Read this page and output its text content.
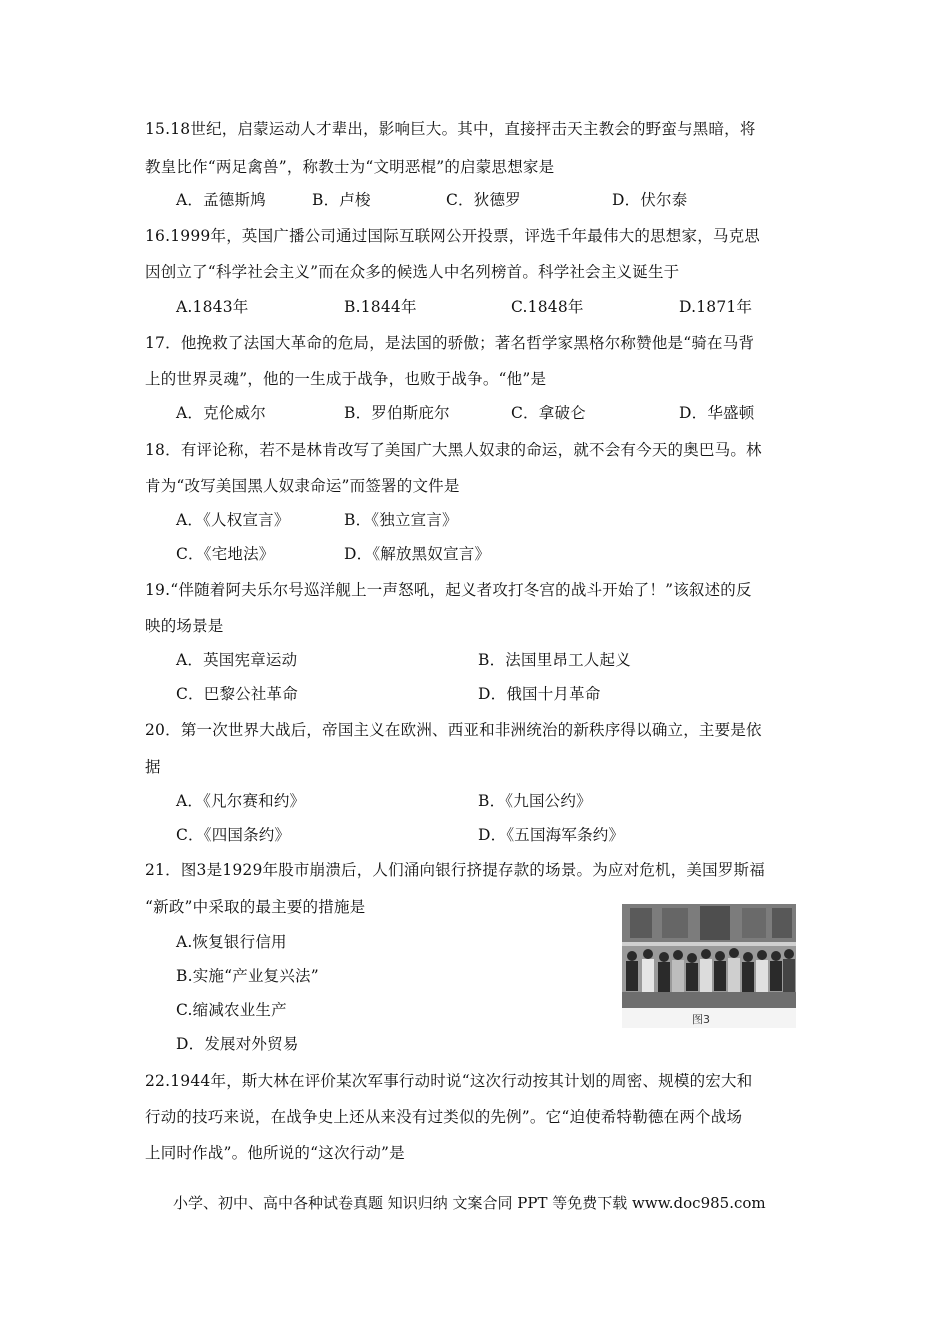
15.18世纪，启蒙运动人才辈出，影响巨大。其中，直接抨击天主教会的野蛮与黑暗，将
教皇比作“两足禽兽”，称教士为“文明恶棍”的启蒙思想家是
A．孟德斯鸠	B．卢梭	C．狄德罗	D．伏尔泰
16.1999年，英国广播公司通过国际互联网公开投票，评选千年最伟大的思想家，马克思
因创立了“科学社会主义”而在众多的候选人中名列榜首。科学社会主义诞生于
A.1843年	B.1844年	C.1848年	D.1871年
17．他挽救了法国大革命的危局，是法国的骄傲；著名哲学家黑格尔称赞他是“骑在马背
上的世界灵魂”，他的一生成于战争，也败于战争。“他”是
A．克伦威尔	B．罗伯斯庇尔	C．拿破仑	D．华盛顿
18．有评论称，若不是林肯改写了美国广大黑人奴隶的命运，就不会有今天的奥巴马。林
肯为“改写美国黑人奴隶命运”而签署的文件是
A．《人权宣言》	B．《独立宣言》
C．《宅地法》	D．《解放黑奴宣言》
19.“伴随着阿夫乐尔号巡洋舰上一声怒吼，起义者攻打冬宫的战斗开始了！”该叙述的反
映的场景是
A．英国宪章运动	B．法国里昂工人起义
C．巴黎公社革命	D．俄国十月革命
20．第一次世界大战后，帝国主义在欧洲、西亚和非洲统治的新秩序得以确立，主要是依
据
A．《凡尔赛和约》	B．《九国公约》
C．《四国条约》	D．《五国海军条约》
21．图3是1929年股市崩溃后，人们涌向银行挤提存款的场景。为应对危机，美国罗斯福
“新政”中采取的最主要的措施是
A.恢复银行信用
B.实施“产业复兴法”
C.缩减农业生产
D．发展对外贸易
图3
22.1944年，斯大林在评价某次军事行动时说“这次行动按其计划的周密、规模的宏大和
行动的技巧来说，在战争史上还从来没有过类似的先例”。它“迫使希特勒德在两个战场
上同时作战”。他所说的“这次行动”是
小学、初中、高中各种试卷真题 知识归纳 文案合同 PPT 等免费下载 www.doc985.com
